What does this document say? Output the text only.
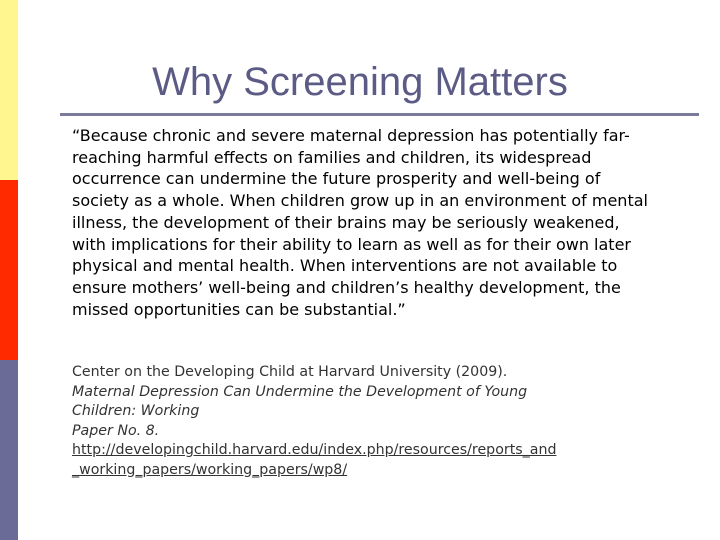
Why Screening Matters

“Because chronic and severe maternal depression has potentially far-reaching harmful effects on families and children, its widespread occurrence can undermine the future prosperity and well-being of society as a whole. When children grow up in an environment of mental illness, the development of their brains may be seriously weakened, with implications for their ability to learn as well as for their own later physical and mental health. When interventions are not available to ensure mothers’ well-being and children’s healthy development, the missed opportunities can be substantial.”

Center on the Developing Child at Harvard University (2009).
Maternal Depression Can Undermine the Development of Young
Children: Working
Paper No. 8.
http://developingchild.harvard.edu/index.php/resources/reports_and
_working_papers/working_papers/wp8/
